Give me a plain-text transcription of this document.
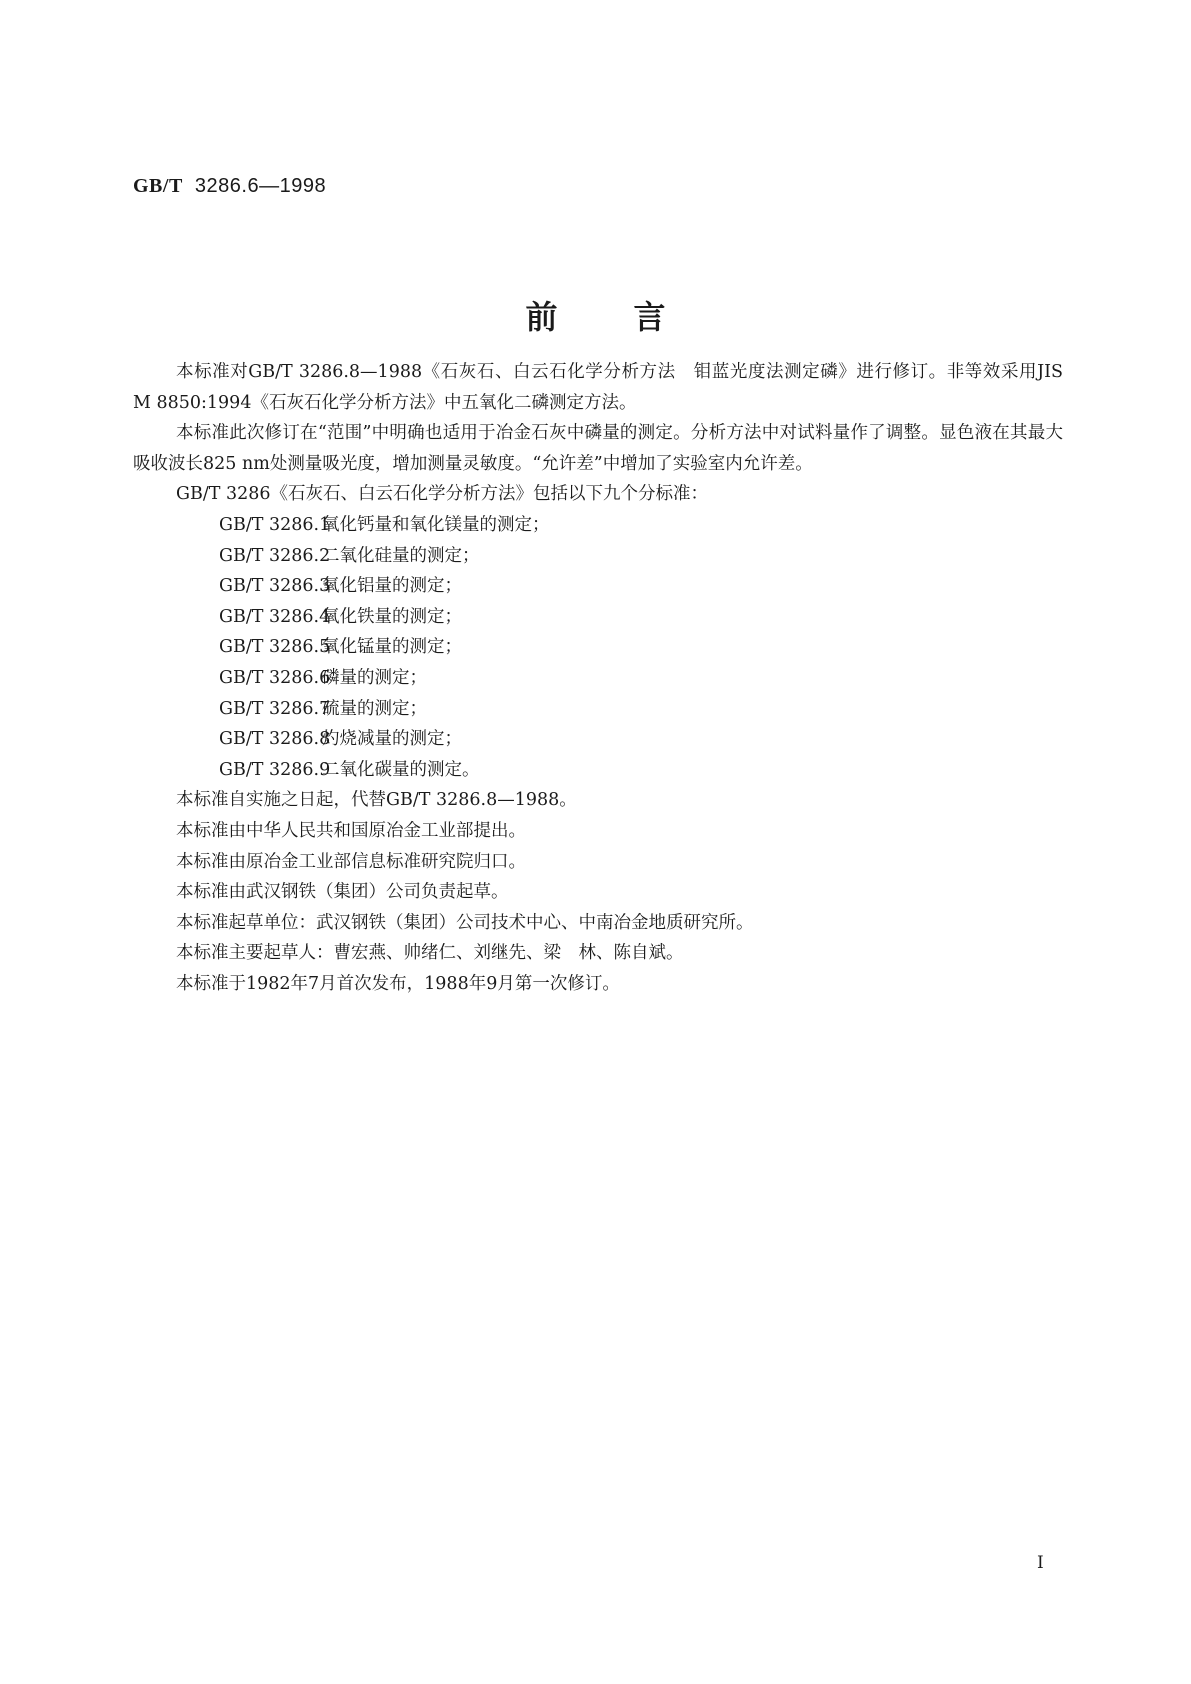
GB/T 3286.6—1998
前言

本标准对GB/T 3286.8—1988《石灰石、白云石化学分析方法　钼蓝光度法测定磷》进行修订。非等效采用JIS M 8850:1994《石灰石化学分析方法》中五氧化二磷测定方法。

本标准此次修订在“范围”中明确也适用于冶金石灰中磷量的测定。分析方法中对试料量作了调整。显色液在其最大吸收波长825 nm处测量吸光度，增加测量灵敏度。“允许差”中增加了实验室内允许差。

GB/T 3286《石灰石、白云石化学分析方法》包括以下九个分标准：

GB/T 3286.1氧化钙量和氧化镁量的测定；
GB/T 3286.2二氧化硅量的测定；
GB/T 3286.3氧化铝量的测定；
GB/T 3286.4氧化铁量的测定；
GB/T 3286.5氧化锰量的测定；
GB/T 3286.6磷量的测定；
GB/T 3286.7硫量的测定；
GB/T 3286.8灼烧减量的测定；
GB/T 3286.9二氧化碳量的测定。

本标准自实施之日起，代替GB/T 3286.8—1988。

本标准由中华人民共和国原冶金工业部提出。

本标准由原冶金工业部信息标准研究院归口。

本标准由武汉钢铁（集团）公司负责起草。

本标准起草单位：武汉钢铁（集团）公司技术中心、中南冶金地质研究所。

本标准主要起草人：曹宏燕、帅绪仁、刘继先、梁　林、陈自斌。

本标准于1982年7月首次发布，1988年9月第一次修订。

I
